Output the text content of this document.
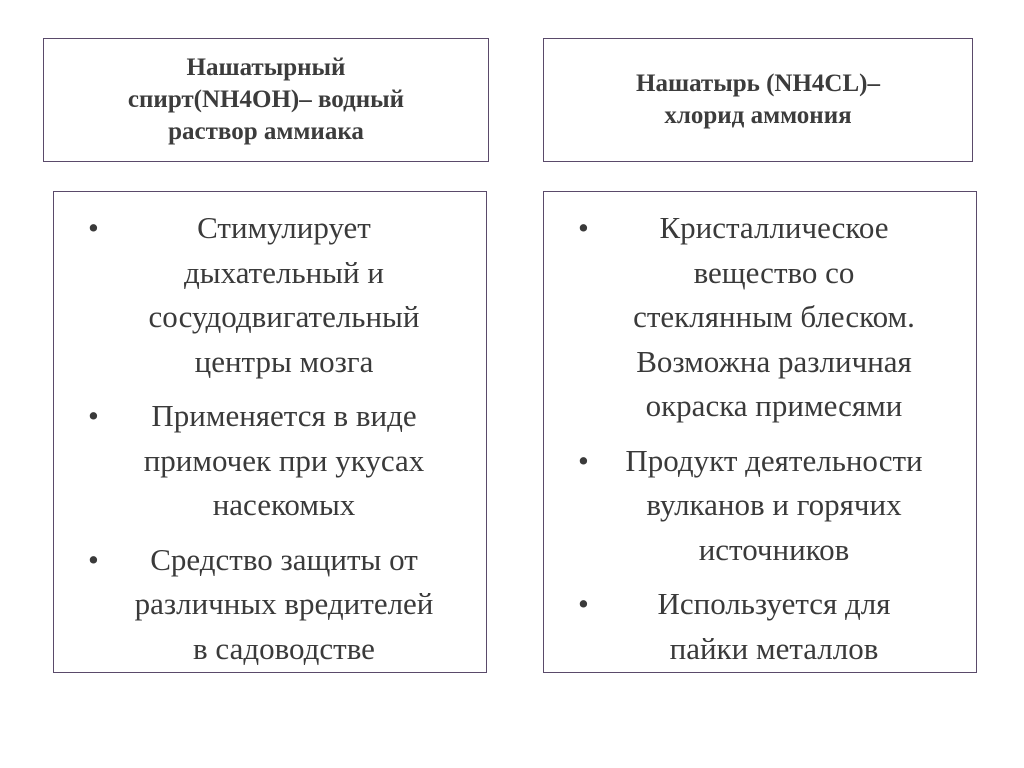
Нашатырный
спирт(NH4OH)– водный
раствор аммиака
Нашатырь (NH4CL)–
хлорид аммония
•	Стимулирует
дыхательный и
сосудодвигательный
центры мозга
•	Применяется в виде
примочек при укусах
насекомых
•	Средство защиты от
различных вредителей
в садоводстве
•	Кристаллическое
вещество со
стеклянным блеском.
Возможна различная
окраска примесями
•	Продукт деятельности
вулканов и горячих
источников
•	Используется для
пайки металлов
